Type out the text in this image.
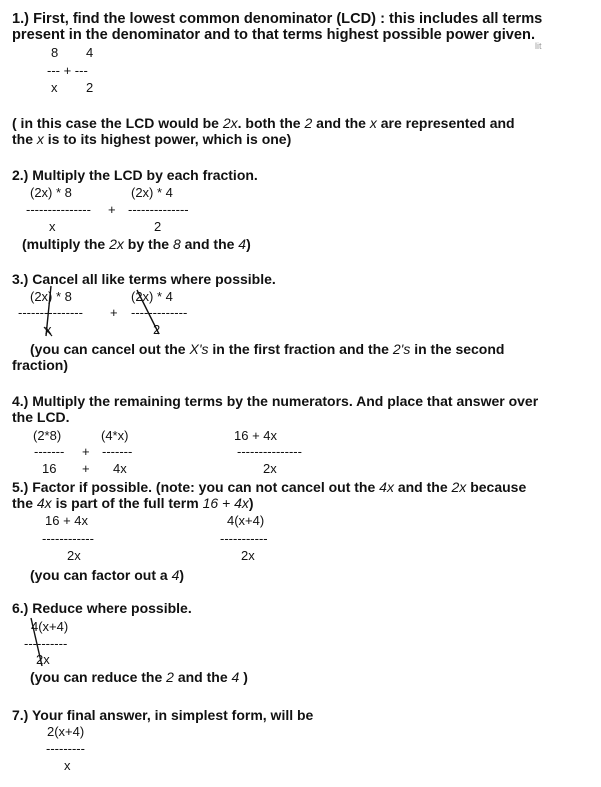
1.) First, find the lowest common denominator (LCD) : this includes all terms
present in the denominator and to that terms highest possible power given.
lit
8 4
--- + ---
x 2
( in this case the LCD would be 2x. both the 2 and the x are represented and
the x is to its highest power, which is one)
2.) Multiply the LCD by each fraction.
(2x) * 8	(2x) * 4
--------------- + --------------
x	2
(multiply the 2x by the 8 and the 4)
3.) Cancel all like terms where possible.
(2x) * 8	(2x) * 4
--------------- + -------------
x	2
(you can cancel out the X's in the first fraction and the 2's in the second
fraction)
4.) Multiply the remaining terms by the numerators. And place that answer over
the LCD.
(2*8)	(4*x)
------- + -------
16 + 4x
16 + 4x
---------------
2x
5.) Factor if possible. (note: you can not cancel out the 4x and the 2x because
the 4x is part of the full term 16 + 4x)
16 + 4x
------------
2x
4(x+4)
-----------
2x
(you can factor out a 4)
6.) Reduce where possible.
4(x+4)
----------
2x
(you can reduce the 2 and the 4 )
7.) Your final answer, in simplest form, will be
2(x+4)
---------
x
